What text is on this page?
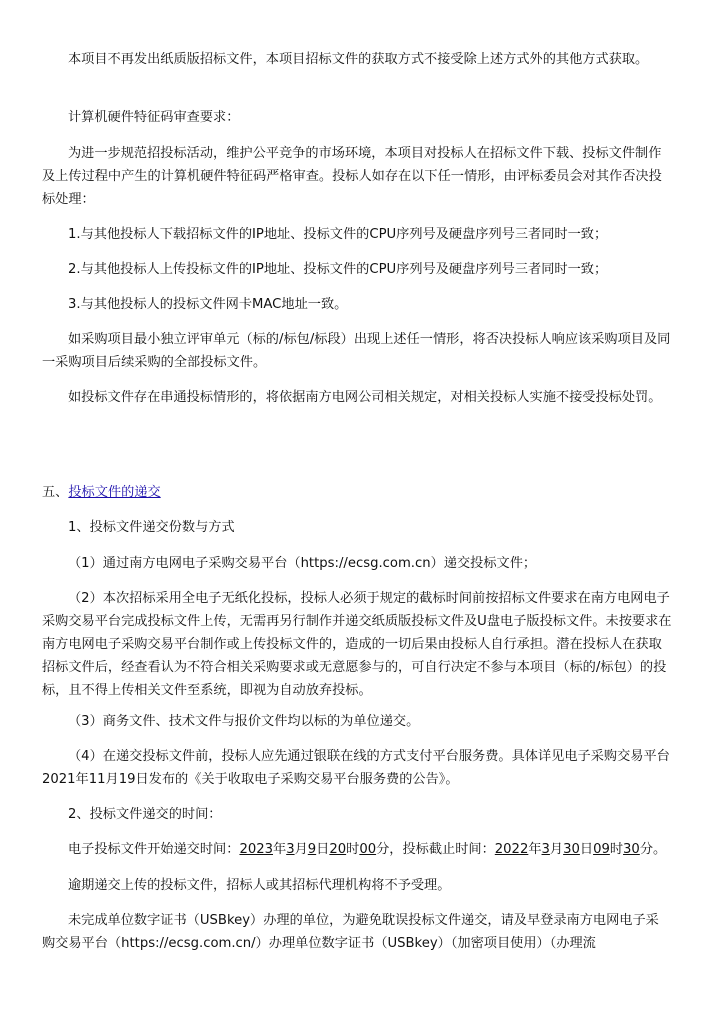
本项目不再发出纸质版招标文件，本项目招标文件的获取方式不接受除上述方式外的其他方式获取。

计算机硬件特征码审查要求：

为进一步规范招投标活动，维护公平竞争的市场环境，本项目对投标人在招标文件下载、投标文件制作及上传过程中产生的计算机硬件特征码严格审查。投标人如存在以下任一情形，由评标委员会对其作否决投标处理：

1.与其他投标人下载招标文件的IP地址、投标文件的CPU序列号及硬盘序列号三者同时一致；

2.与其他投标人上传投标文件的IP地址、投标文件的CPU序列号及硬盘序列号三者同时一致；

3.与其他投标人的投标文件网卡MAC地址一致。

如采购项目最小独立评审单元（标的/标包/标段）出现上述任一情形，将否决投标人响应该采购项目及同一采购项目后续采购的全部投标文件。

如投标文件存在串通投标情形的，将依据南方电网公司相关规定，对相关投标人实施不接受投标处罚。

五、投标文件的递交

1、投标文件递交份数与方式

（1）通过南方电网电子采购交易平台（https://ecsg.com.cn）递交投标文件；

（2）本次招标采用全电子无纸化投标，投标人必须于规定的截标时间前按招标文件要求在南方电网电子采购交易平台完成投标文件上传，无需再另行制作并递交纸质版投标文件及U盘电子版投标文件。未按要求在南方电网电子采购交易平台制作或上传投标文件的，造成的一切后果由投标人自行承担。潜在投标人在获取招标文件后，经查看认为不符合相关采购要求或无意愿参与的，可自行决定不参与本项目（标的/标包）的投标，且不得上传相关文件至系统，即视为自动放弃投标。

（3）商务文件、技术文件与报价文件均以标的为单位递交。

（4）在递交投标文件前，投标人应先通过银联在线的方式支付平台服务费。具体详见电子采购交易平台2021年11月19日发布的《关于收取电子采购交易平台服务费的公告》。

2、投标文件递交的时间：

电子投标文件开始递交时间：2023年3月9日20时00分，投标截止时间：2022年3月30日09时30分。

逾期递交上传的投标文件，招标人或其招标代理机构将不予受理。

未完成单位数字证书（USBkey）办理的单位，为避免耽误投标文件递交，请及早登录南方电网电子采购交易平台（https://ecsg.com.cn/）办理单位数字证书（USBkey）（加密项目使用）（办理流
